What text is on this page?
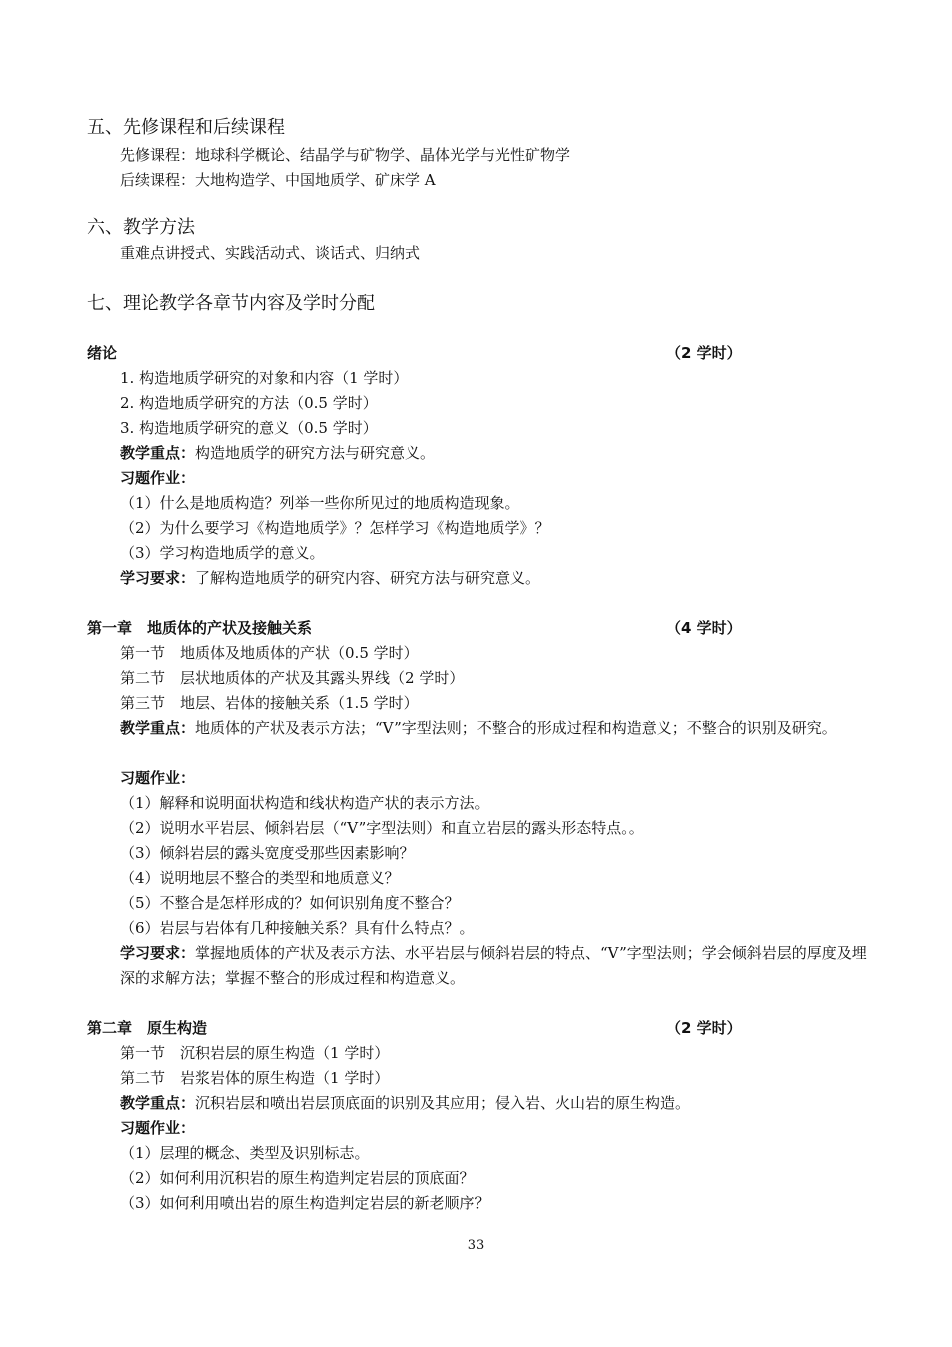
五、先修课程和后续课程
先修课程：地球科学概论、结晶学与矿物学、晶体光学与光性矿物学
后续课程：大地构造学、中国地质学、矿床学 A
六、教学方法
重难点讲授式、实践活动式、谈话式、归纳式
七、理论教学各章节内容及学时分配
绪论	（2 学时）
1. 构造地质学研究的对象和内容（1 学时）
2. 构造地质学研究的方法（0.5 学时）
3. 构造地质学研究的意义（0.5 学时）
教学重点：构造地质学的研究方法与研究意义。
习题作业：
（1）什么是地质构造？列举一些你所见过的地质构造现象。
（2）为什么要学习《构造地质学》？怎样学习《构造地质学》？
（3）学习构造地质学的意义。
学习要求：了解构造地质学的研究内容、研究方法与研究意义。
第一章　地质体的产状及接触关系	（4 学时）
第一节　地质体及地质体的产状（0.5 学时）
第二节　层状地质体的产状及其露头界线（2 学时）
第三节　地层、岩体的接触关系（1.5 学时）
教学重点：地质体的产状及表示方法；“V”字型法则；不整合的形成过程和构造意义；不整合的识别及研究。
习题作业：
（1）解释和说明面状构造和线状构造产状的表示方法。
（2）说明水平岩层、倾斜岩层（“V”字型法则）和直立岩层的露头形态特点。。
（3）倾斜岩层的露头宽度受那些因素影响？
（4）说明地层不整合的类型和地质意义？
（5）不整合是怎样形成的？如何识别角度不整合？
（6）岩层与岩体有几种接触关系？具有什么特点？。
学习要求：掌握地质体的产状及表示方法、水平岩层与倾斜岩层的特点、“V”字型法则；学会倾斜岩层的厚度及埋深的求解方法；掌握不整合的形成过程和构造意义。
第二章　原生构造	（2 学时）
第一节　沉积岩层的原生构造（1 学时）
第二节　岩浆岩体的原生构造（1 学时）
教学重点：沉积岩层和喷出岩层顶底面的识别及其应用；侵入岩、火山岩的原生构造。
习题作业：
（1）层理的概念、类型及识别标志。
（2）如何利用沉积岩的原生构造判定岩层的顶底面？
（3）如何利用喷出岩的原生构造判定岩层的新老顺序？
33
